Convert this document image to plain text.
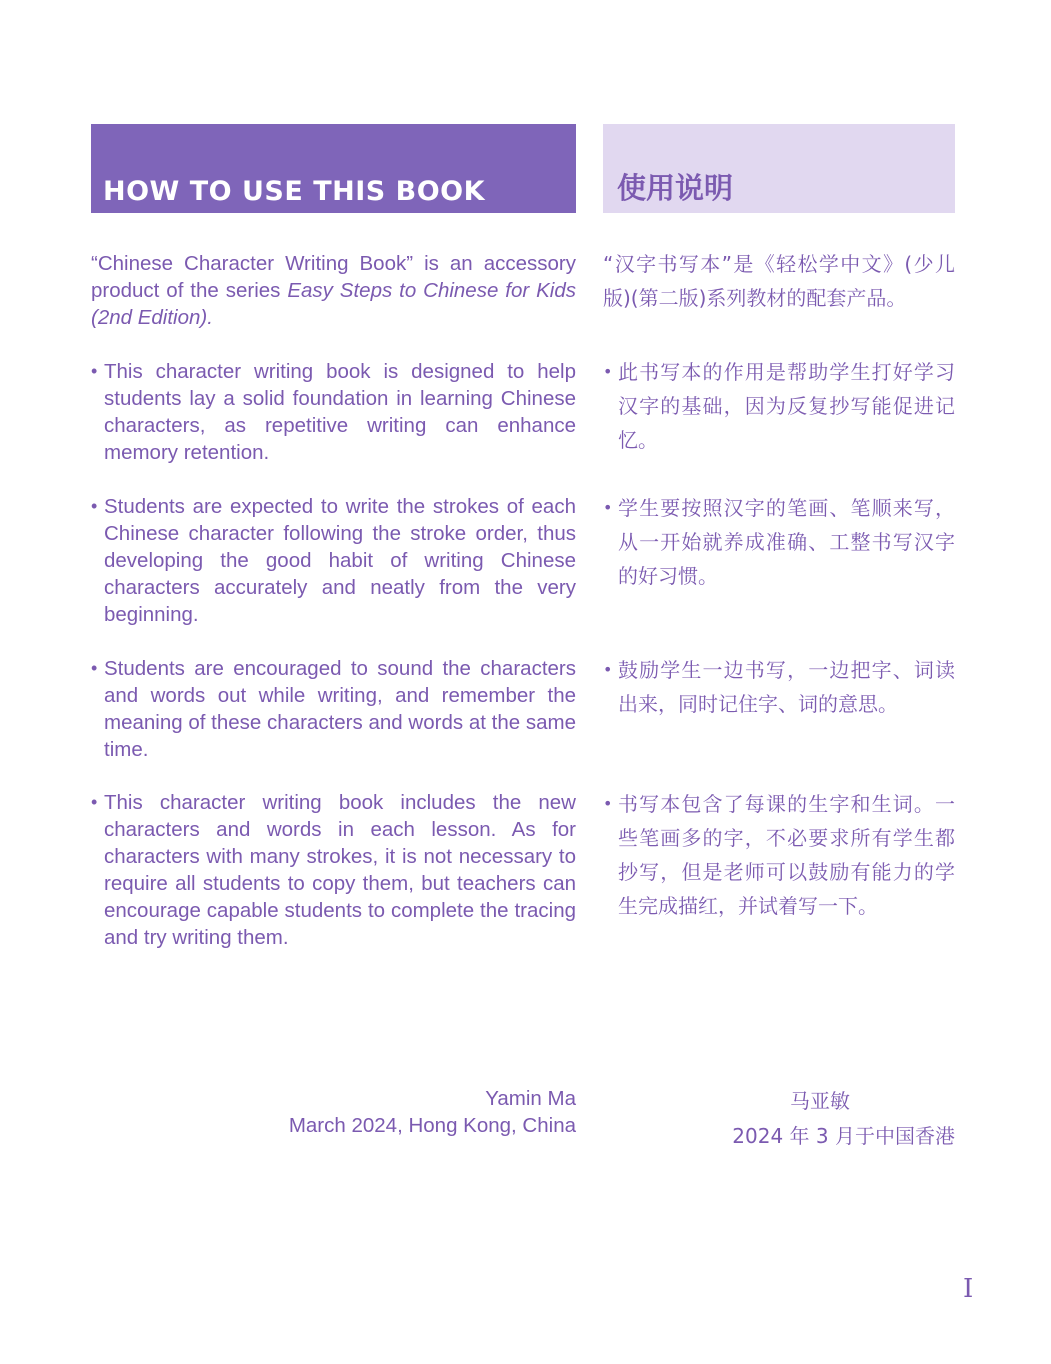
HOW TO USE THIS BOOK	使用说明

“Chinese Character Writing Book” is an accessory product of the series Easy Steps to Chinese for Kids (2nd Edition).

“汉字书写本”是《轻松学中文》(少儿版)(第二版)系列教材的配套产品。

• This character writing book is designed to help students lay a solid foundation in learning Chinese characters, as repetitive writing can enhance memory retention.

• 此书写本的作用是帮助学生打好学习汉字的基础，因为反复抄写能促进记忆。

• Students are expected to write the strokes of each Chinese character following the stroke order, thus developing the good habit of writing Chinese characters accurately and neatly from the very beginning.

• 学生要按照汉字的笔画、笔顺来写，从一开始就养成准确、工整书写汉字的好习惯。

• Students are encouraged to sound the characters and words out while writing, and remember the meaning of these characters and words at the same time.

• 鼓励学生一边书写，一边把字、词读出来，同时记住字、词的意思。

• This character writing book includes the new characters and words in each lesson. As for characters with many strokes, it is not necessary to require all students to copy them, but teachers can encourage capable students to complete the tracing and try writing them.

• 书写本包含了每课的生字和生词。一些笔画多的字，不必要求所有学生都抄写，但是老师可以鼓励有能力的学生完成描红，并试着写一下。

Yamin Ma
March 2024, Hong Kong, China
马亚敏
2024 年 3 月于中国香港
I
